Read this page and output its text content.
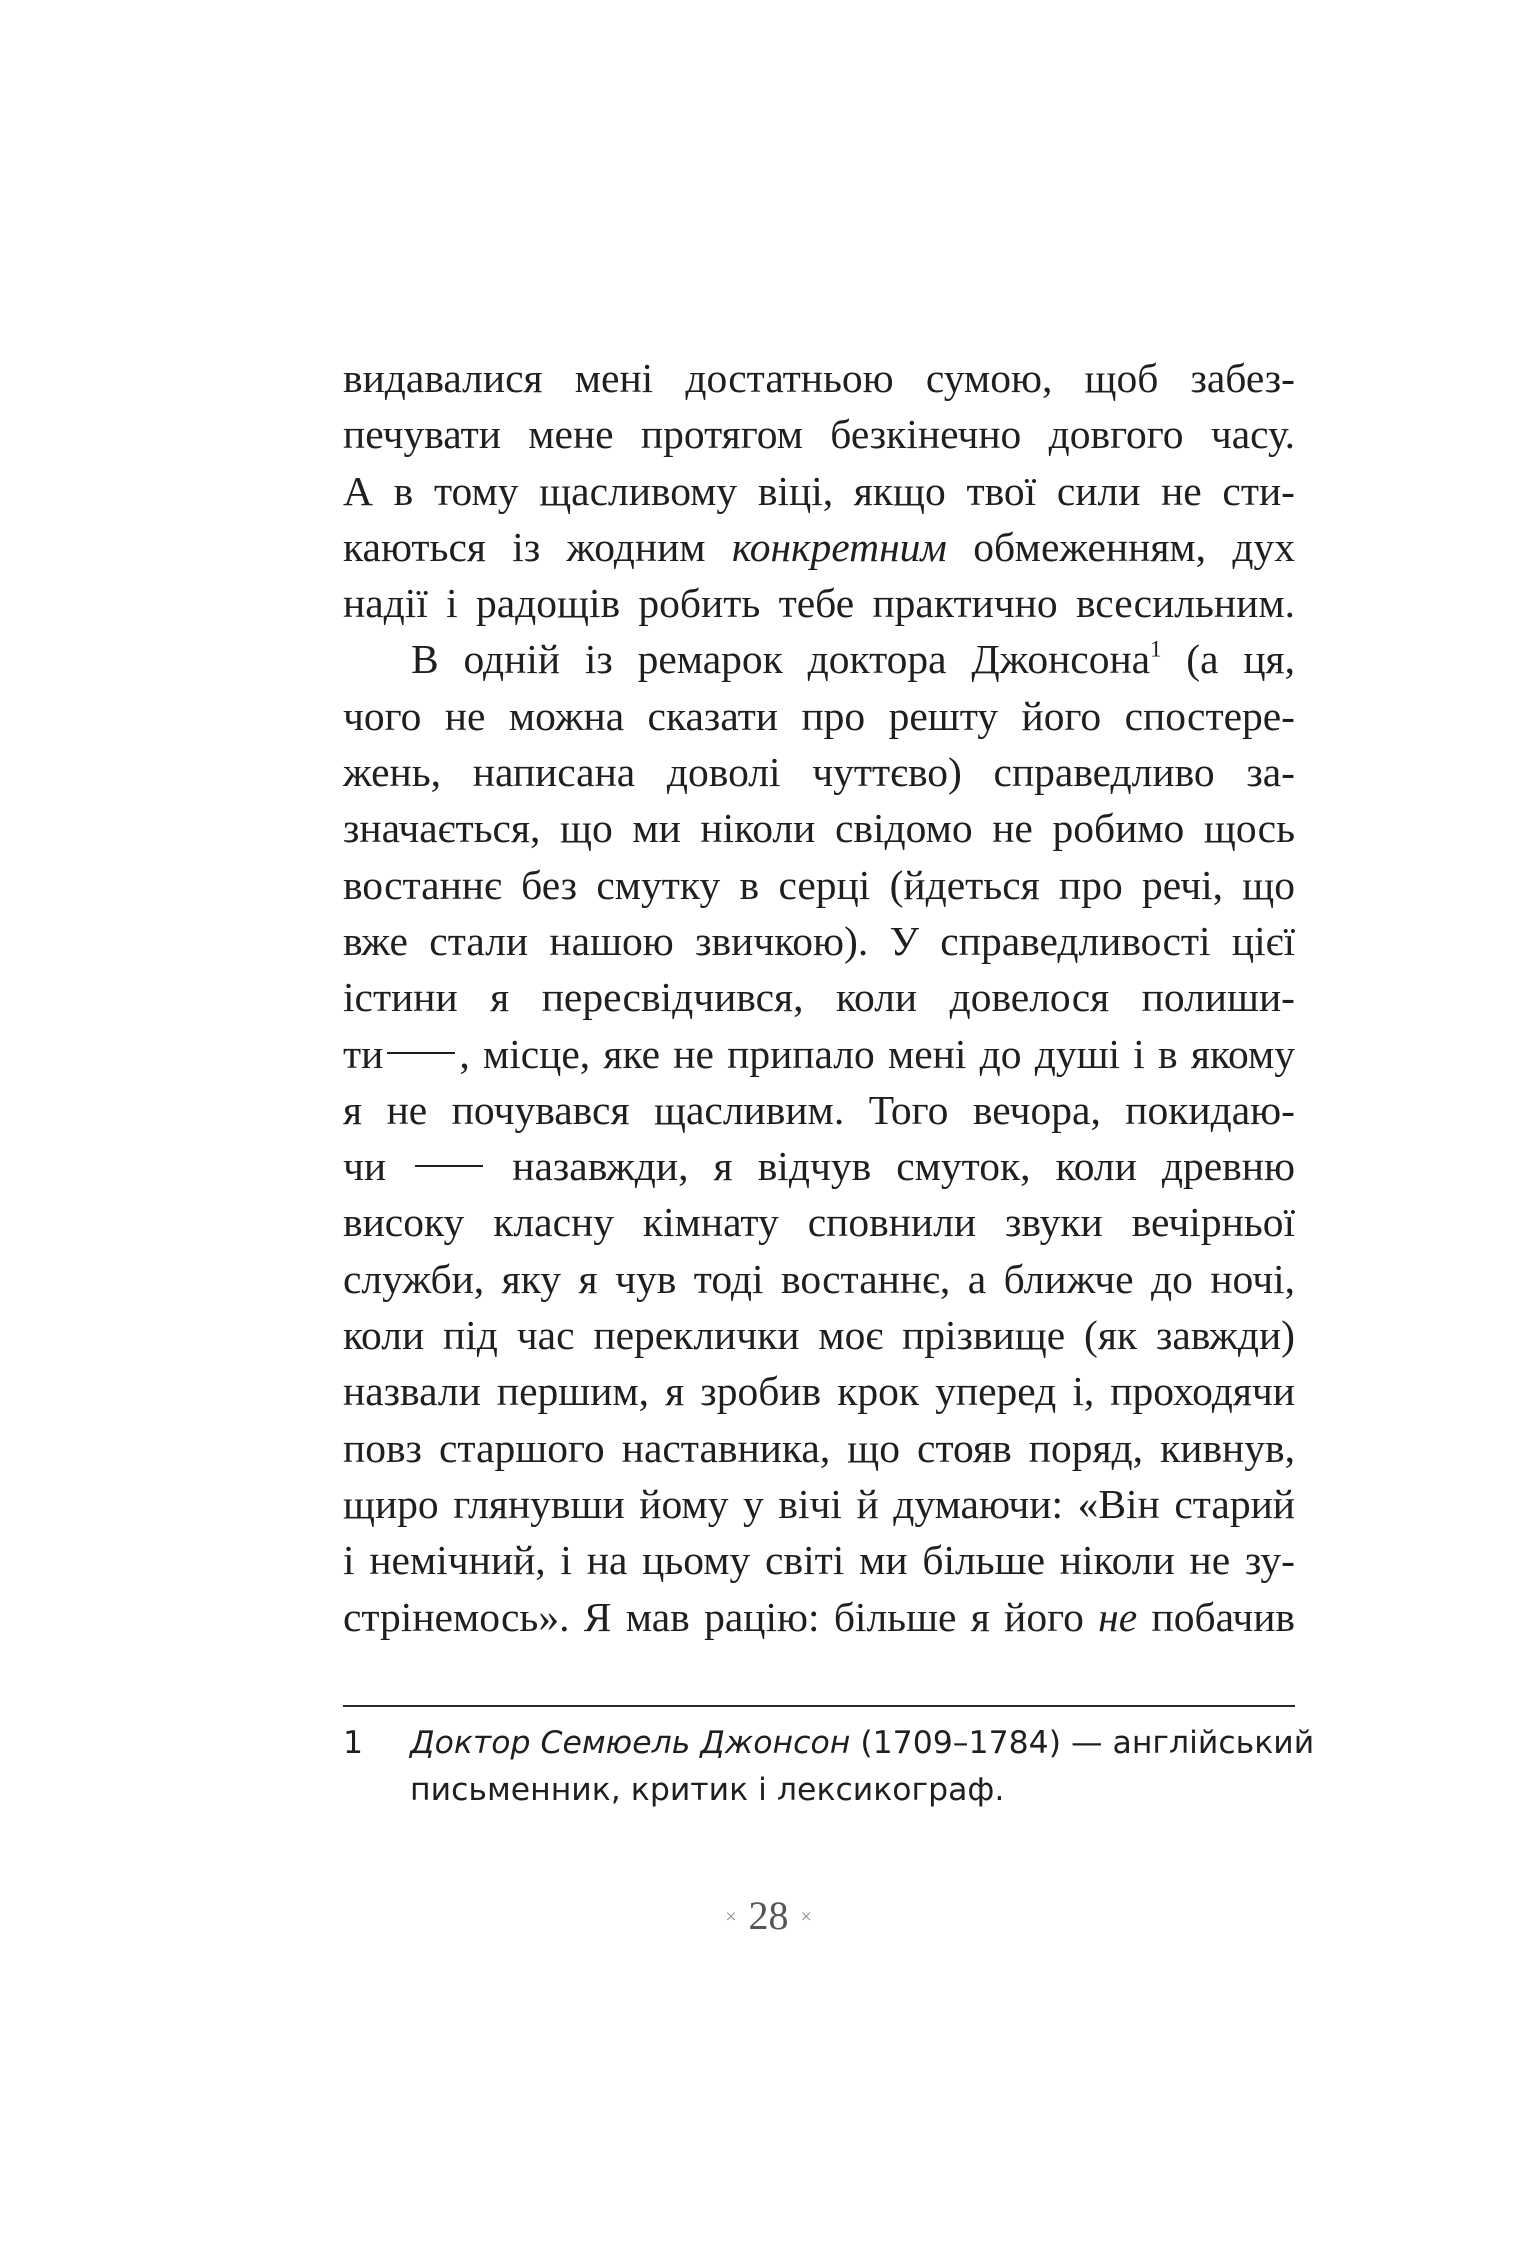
видавалися мені достатньою сумою, щоб забез-
печувати мене протягом безкінечно довгого часу.
А в тому щасливому віці, якщо твої сили не сти-
каються із жодним конкретним обмеженням, дух
надії і радощів робить тебе практично всесильним.
В одній із ремарок доктора Джонсона$^1$ (а ця,
чого не можна сказати про решту його спостере-
жень, написана доволі чуттєво) справедливо за-
значається, що ми ніколи свідомо не робимо щось
востаннє без смутку в серці (йдеться про речі, що
вже стали нашою звичкою). У справедливості цієї
істини я пересвідчився, коли довелося полиши-
ти , місце, яке не припало мені до душі і в якому
я не почувався щасливим. Того вечора, покидаю-
чи  назавжди, я відчув смуток, коли древню
високу класну кімнату сповнили звуки вечірньої
служби, яку я чув тоді востаннє, а ближче до ночі,
коли під час переклички моє прізвище (як завжди)
назвали першим, я зробив крок уперед і, проходячи
повз старшого наставника, що стояв поряд, кивнув,
щиро глянувши йому у вічі й думаючи: «Він старий
і немічний, і на цьому світі ми більше ніколи не зу-
стрінемось». Я мав рацію: більше я його не побачив
1	Доктор Семюель Джонсон (1709–1784) — англійський
письменник, критик і лексикограф.
× 28 ×
